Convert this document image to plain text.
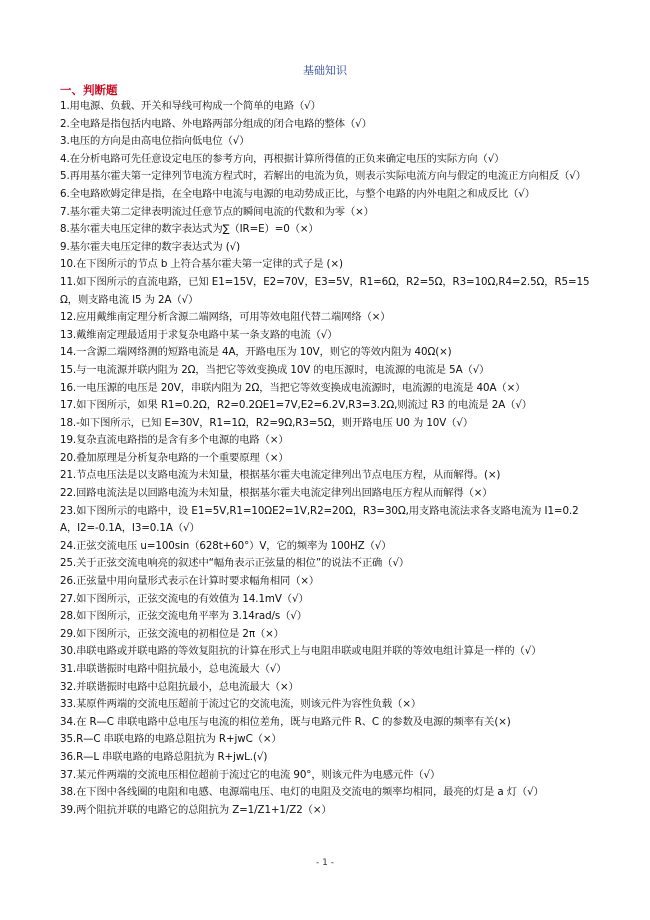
基础知识
一、判断题

1.用电源、负载、开关和导线可构成一个简单的电路（√）

2.全电路是指包括内电路、外电路两部分组成的闭合电路的整体（√）

3.电压的方向是由高电位指向低电位（√）

4.在分析电路可先任意设定电压的参考方向，再根据计算所得值的正负来确定电压的实际方向（√）

5.再用基尔霍夫第一定律列节电流方程式时，若解出的电流为负，则表示实际电流方向与假定的电流正方向相反（√）

6.全电路欧姆定律是指，在全电路中电流与电源的电动势成正比，与整个电路的内外电阻之和成反比（√）

7.基尔霍夫第二定律表明流过任意节点的瞬间电流的代数和为零（×）

8.基尔霍夫电压定律的数字表达式为∑（IR=E）=0（×）

9.基尔霍夫电压定律的数字表达式为 (√)

10.在下图所示的节点 b 上符合基尔霍夫第一定律的式子是 (×)

11.如下图所示的直流电路，已知 E1=15V，E2=70V，E3=5V，R1=6Ω，R2=5Ω，R3=10Ω,R4=2.5Ω，R5=15Ω，则支路电流 I5 为 2A（√）

12.应用戴维南定理分析含源二端网络，可用等效电阻代替二端网络（×）

13.戴维南定理最适用于求复杂电路中某一条支路的电流（√）

14.一含源二端网络测的短路电流是 4A，开路电压为 10V，则它的等效内阻为 40Ω(×)

15.与一电流源并联内阻为 2Ω，当把它等效变换成 10V 的电压源时，电流源的电流是 5A（√）

16.一电压源的电压是 20V，串联内阻为 2Ω，当把它等效变换成电流源时，电流源的电流是 40A（×）

17.如下图所示，如果 R1=0.2Ω，R2=0.2ΩE1=7V,E2=6.2V,R3=3.2Ω,则流过 R3 的电流是 2A（√）

18.-如下图所示，已知 E=30V，R1=1Ω，R2=9Ω,R3=5Ω，则开路电压 U0 为 10V（√）

19.复杂直流电路指的是含有多个电源的电路（×）

20.叠加原理是分析复杂电路的一个重要原理（×）

21.节点电压法是以支路电流为未知量，根据基尔霍夫电流定律列出节点电压方程，从而解得。(×)

22.回路电流法是以回路电流为未知量，根据基尔霍夫电流定律列出回路电压方程从而解得（×）

23.如下图所示的电路中，设 E1=5V,R1=10ΩE2=1V,R2=20Ω，R3=30Ω,用支路电流法求各支路电流为 I1=0.2A，I2=-0.1A，I3=0.1A（√）

24.正弦交流电压 u=100sin（628t+60°）V，它的频率为 100HZ（√）

25.关于正弦交流电响亮的叙述中“幅角表示正弦量的相位”的说法不正确（√）

26.正弦量中用向量形式表示在计算时要求幅角相同（×）

27.如下图所示，正弦交流电的有效值为 14.1mV（√）

28.如下图所示，正弦交流电角平率为 3.14rad/s（√）

29.如下图所示，正弦交流电的初相位是 2π（×）

30.串联电路或并联电路的等效复阻抗的计算在形式上与电阻串联或电阻并联的等效电组计算是一样的（√）

31.串联谐振时电路中阻抗最小，总电流最大（√）

32.并联谐振时电路中总阻抗最小，总电流最大（×）

33.某原件两端的交流电压超前于流过它的交流电流，则该元件为容性负载（×）

34.在 R—C 串联电路中总电压与电流的相位差角，既与电路元件 R、C 的参数及电源的频率有关(×)

35.R—C 串联电路的电路总阻抗为 R+jwC（×）

36.R—L 串联电路的电路总阻抗为 R+jwL.(√)

37.某元件两端的交流电压相位超前于流过它的电流 90°，则该元件为电感元件（√）

38.在下图中各线圈的电阻和电感、电源端电压、电灯的电阻及交流电的频率均相同，最亮的灯是 a 灯（√）

39.两个阻抗并联的电路它的总阻抗为 Z=1/Z1+1/Z2（×）

- 1 -
